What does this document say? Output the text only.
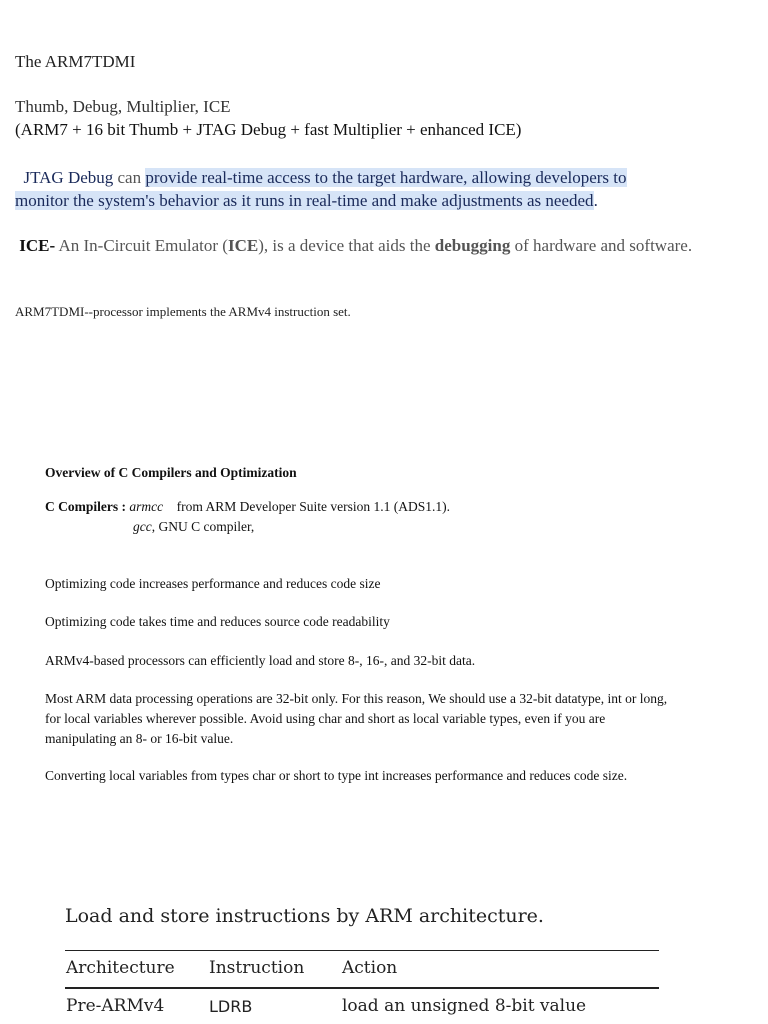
The ARM7TDMI
Thumb, Debug, Multiplier, ICE
(ARM7 + 16 bit Thumb + JTAG Debug + fast Multiplier + enhanced ICE)
JTAG Debug can provide real-time access to the target hardware, allowing developers to
monitor the system's behavior as it runs in real-time and make adjustments as needed.
ICE- An In-Circuit Emulator (ICE), is a device that aids the debugging of hardware and software.
ARM7TDMI--processor implements the ARMv4 instruction set.
Overview of C Compilers and Optimization
C Compilers : armcc from ARM Developer Suite version 1.1 (ADS1.1).
gcc, GNU C compiler,
Optimizing code increases performance and reduces code size
Optimizing code takes time and reduces source code readability
ARMv4-based processors can efficiently load and store 8-, 16-, and 32-bit data.
Most ARM data processing operations are 32-bit only. For this reason, We should use a 32-bit datatype, int or long, for local variables wherever possible. Avoid using char and short as local variable types, even if you are manipulating an 8- or 16-bit value.
Converting local variables from types char or short to type int increases performance and reduces code size.
Load and store instructions by ARM architecture.
Architecture Instruction Action
Pre-ARMv4	LDRB	load an unsigned 8-bit value
